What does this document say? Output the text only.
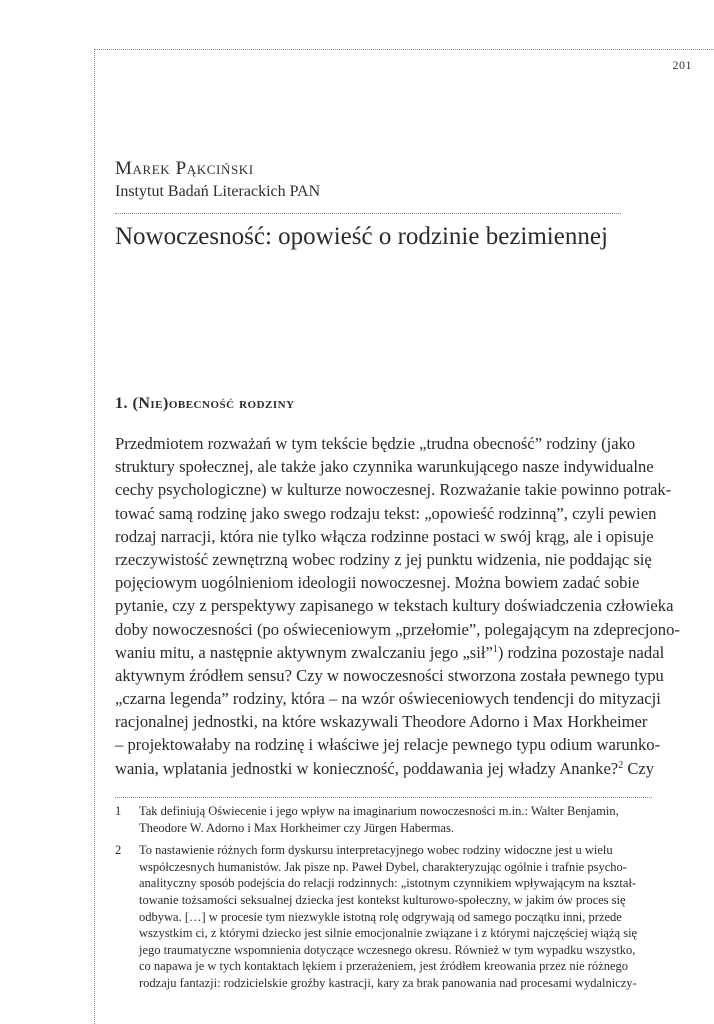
201
Marek Pąkciński
Instytut Badań Literackich PAN
Nowoczesność: opowieść o rodzinie bezimiennej
1. (Nie)obecność rodziny
Przedmiotem rozważań w tym tekście będzie „trudna obecność” rodziny (jako
struktury społecznej, ale także jako czynnika warunkującego nasze indywidualne
cechy psychologiczne) w kulturze nowoczesnej. Rozważanie takie powinno potrak-
tować samą rodzinę jako swego rodzaju tekst: „opowieść rodzinną”, czyli pewien
rodzaj narracji, która nie tylko włącza rodzinne postaci w swój krąg, ale i opisuje
rzeczywistość zewnętrzną wobec rodziny z jej punktu widzenia, nie poddając się
pojęciowym uogólnieniom ideologii nowoczesnej. Można bowiem zadać sobie
pytanie, czy z perspektywy zapisanego w tekstach kultury doświadczenia człowieka
doby nowoczesności (po oświeceniowym „przełomie”, polegającym na zdeprecjono-
waniu mitu, a następnie aktywnym zwalczaniu jego „sił”$^1$) rodzina pozostaje nadal
aktywnym źródłem sensu? Czy w nowoczesności stworzona została pewnego typu
„czarna legenda” rodziny, która – na wzór oświeceniowych tendencji do mityzacji
racjonalnej jednostki, na które wskazywali Theodore Adorno i Max Horkheimer
– projektowałaby na rodzinę i właściwe jej relacje pewnego typu odium warunko-
wania, wplatania jednostki w konieczność, poddawania jej władzy Ananke?$^2$ Czy
1 Tak definiują Oświecenie i jego wpływ na imaginarium nowoczesności m.in.: Walter Benjamin,
Theodore W. Adorno i Max Horkheimer czy Jürgen Habermas.
2 To nastawienie różnych form dyskursu interpretacyjnego wobec rodziny widoczne jest u wielu
współczesnych humanistów. Jak pisze np. Paweł Dybel, charakteryzując ogólnie i trafnie psycho-
analityczny sposób podejścia do relacji rodzinnych: „istotnym czynnikiem wpływającym na kształ-
towanie tożsamości seksualnej dziecka jest kontekst kulturowo-społeczny, w jakim ów proces się
odbywa. […] w procesie tym niezwykle istotną rolę odgrywają od samego początku inni, przede
wszystkim ci, z którymi dziecko jest silnie emocjonalnie związane i z którymi najczęściej wiążą się
jego traumatyczne wspomnienia dotyczące wczesnego okresu. Również w tym wypadku wszystko,
co napawa je w tych kontaktach lękiem i przerażeniem, jest źródłem kreowania przez nie różnego
rodzaju fantazji: rodzicielskie groźby kastracji, kary za brak panowania nad procesami wydalniczy-
